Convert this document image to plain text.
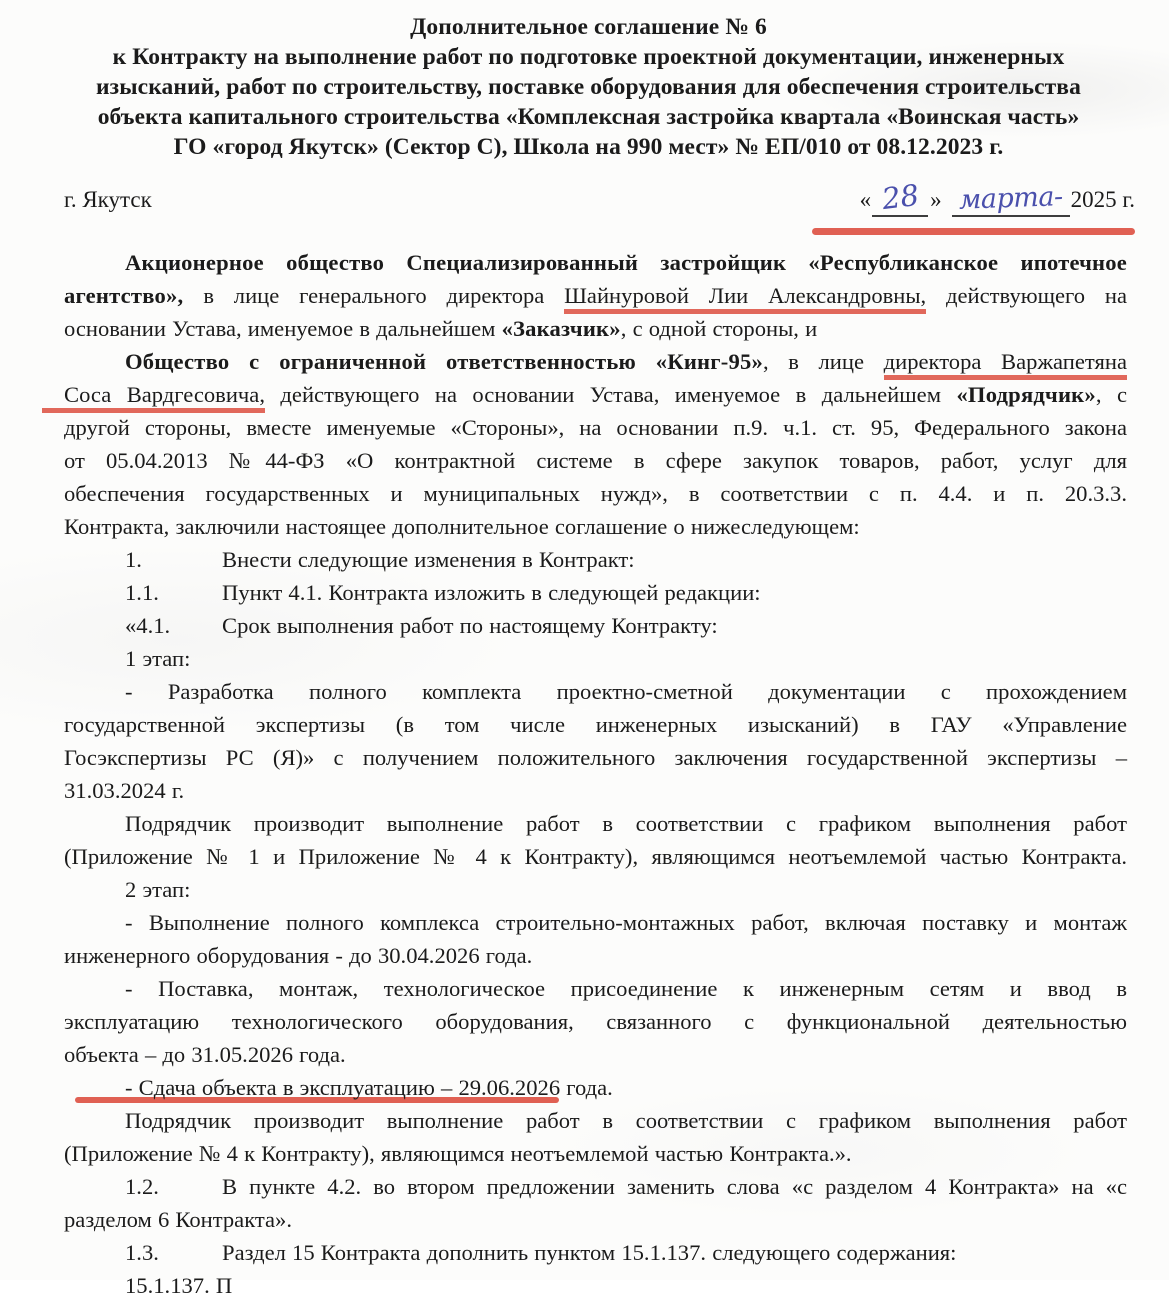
Дополнительное соглашение № 6
к Контракту на выполнение работ по подготовке проектной документации, инженерных
изысканий, работ по строительству, поставке оборудования для обеспечения строительства
объекта капитального строительства «Комплексная застройка квартала «Воинская часть»
ГО «город Якутск» (Сектор С), Школа на 990 мест» № ЕП/010 от 08.12.2023 г.
г. Якутск	« 28 » марта- 2025 г.
Акционерное общество Специализированный застройщик «Республиканское ипотечное
агентство», в лице генерального директора Шайнуровой Лии Александровны, действующего на
основании Устава, именуемое в дальнейшем «Заказчик», с одной стороны, и
Общество с ограниченной ответственностью «Кинг-95», в лице директора Варжапетяна
Соса Вардгесовича, действующего на основании Устава, именуемое в дальнейшем «Подрядчик», с
другой стороны, вместе именуемые «Стороны», на основании п.9. ч.1. ст. 95, Федерального закона
от 05.04.2013 №44-ФЗ «О контрактной системе в сфере закупок товаров, работ, услуг для
обеспечения государственных и муниципальных нужд», в соответствии с п. 4.4. и п. 20.3.3.
Контракта, заключили настоящее дополнительное соглашение о нижеследующем:
1.	Внести следующие изменения в Контракт:
1.1.	Пункт 4.1. Контракта изложить в следующей редакции:
«4.1. Срок выполнения работ по настоящему Контракту:
1 этап:
- Разработка полного комплекта проектно-сметной документации с прохождением
государственной экспертизы (в том числе инженерных изысканий) в ГАУ «Управление
Госэкспертизы РС (Я)» с получением положительного заключения государственной экспертизы –
31.03.2024 г.
Подрядчик производит выполнение работ в соответствии с графиком выполнения работ
(Приложение № 1 и Приложение № 4 к Контракту), являющимся неотъемлемой частью Контракта.
2 этап:
- Выполнение полного комплекса строительно-монтажных работ, включая поставку и монтаж
инженерного оборудования - до 30.04.2026 года.
- Поставка, монтаж, технологическое присоединение к инженерным сетям и ввод в
эксплуатацию технологического оборудования, связанного с функциональной деятельностью
объекта – до 31.05.2026 года.
- Сдача объекта в эксплуатацию – 29.06.2026 года.
Подрядчик производит выполнение работ в соответствии с графиком выполнения работ
(Приложение № 4 к Контракту), являющимся неотъемлемой частью Контракта.».
1.2.	В пункте 4.2. во втором предложении заменить слова «с разделом 4 Контракта» на «с
разделом 6 Контракта».
1.3.	Раздел 15 Контракта дополнить пунктом 15.1.137. следующего содержания:
15.1.137. П
